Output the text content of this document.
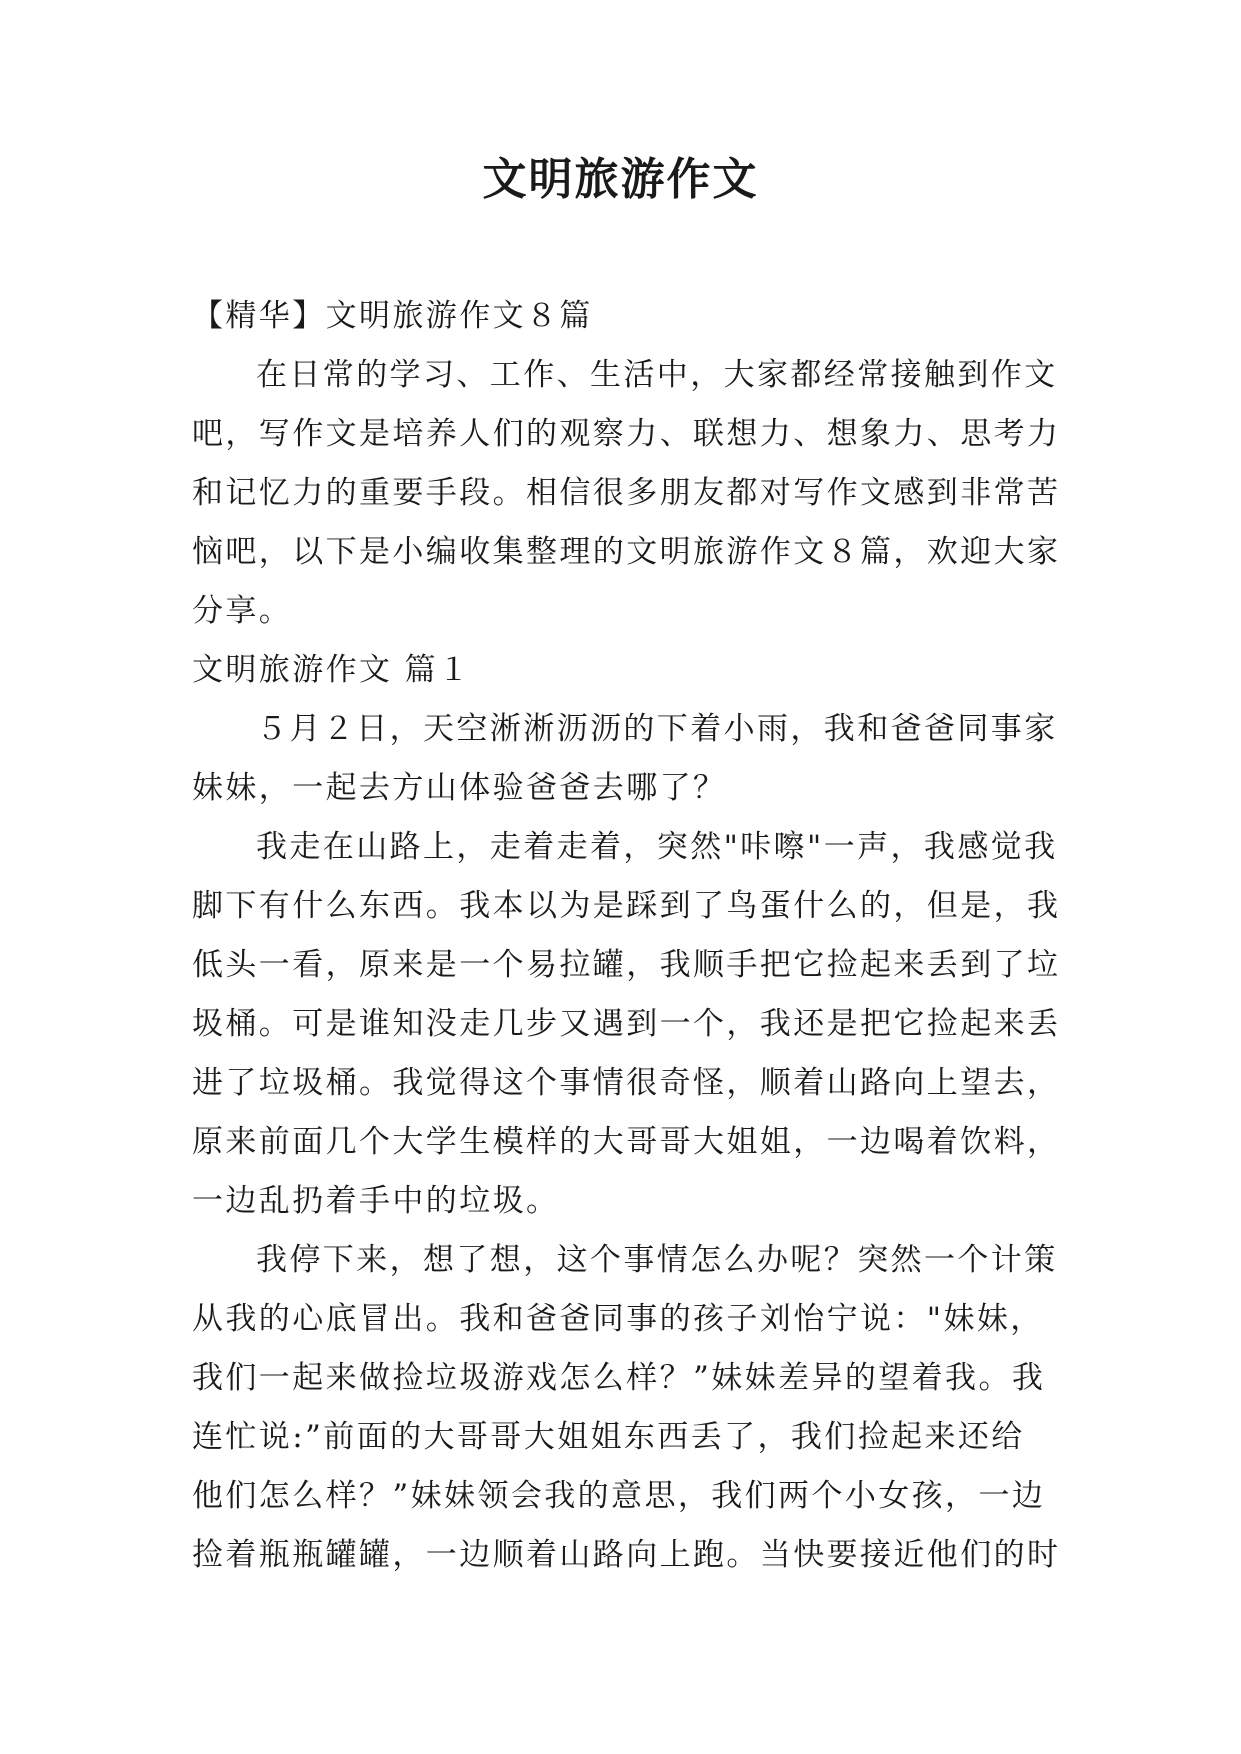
文明旅游作文

【精华】文明旅游作文８篇

在日常的学习、工作、生活中，大家都经常接触到作文

吧，写作文是培养人们的观察力、联想力、想象力、思考力

和记忆力的重要手段。相信很多朋友都对写作文感到非常苦

恼吧，以下是小编收集整理的文明旅游作文８篇，欢迎大家

分享。

文明旅游作文 篇１

５月２日，天空淅淅沥沥的下着小雨，我和爸爸同事家

妹妹，一起去方山体验爸爸去哪了？

我走在山路上，走着走着，突然"咔嚓"一声，我感觉我

脚下有什么东西。我本以为是踩到了鸟蛋什么的，但是，我

低头一看，原来是一个易拉罐，我顺手把它捡起来丢到了垃

圾桶。可是谁知没走几步又遇到一个，我还是把它捡起来丢

进了垃圾桶。我觉得这个事情很奇怪，顺着山路向上望去，

原来前面几个大学生模样的大哥哥大姐姐，一边喝着饮料，

一边乱扔着手中的垃圾。

我停下来，想了想，这个事情怎么办呢？突然一个计策

从我的心底冒出。我和爸爸同事的孩子刘怡宁说："妹妹，

我们一起来做捡垃圾游戏怎么样？”妹妹差异的望着我。我

连忙说:”前面的大哥哥大姐姐东西丢了，我们捡起来还给

他们怎么样？”妹妹领会我的意思，我们两个小女孩，一边

捡着瓶瓶罐罐，一边顺着山路向上跑。当快要接近他们的时
